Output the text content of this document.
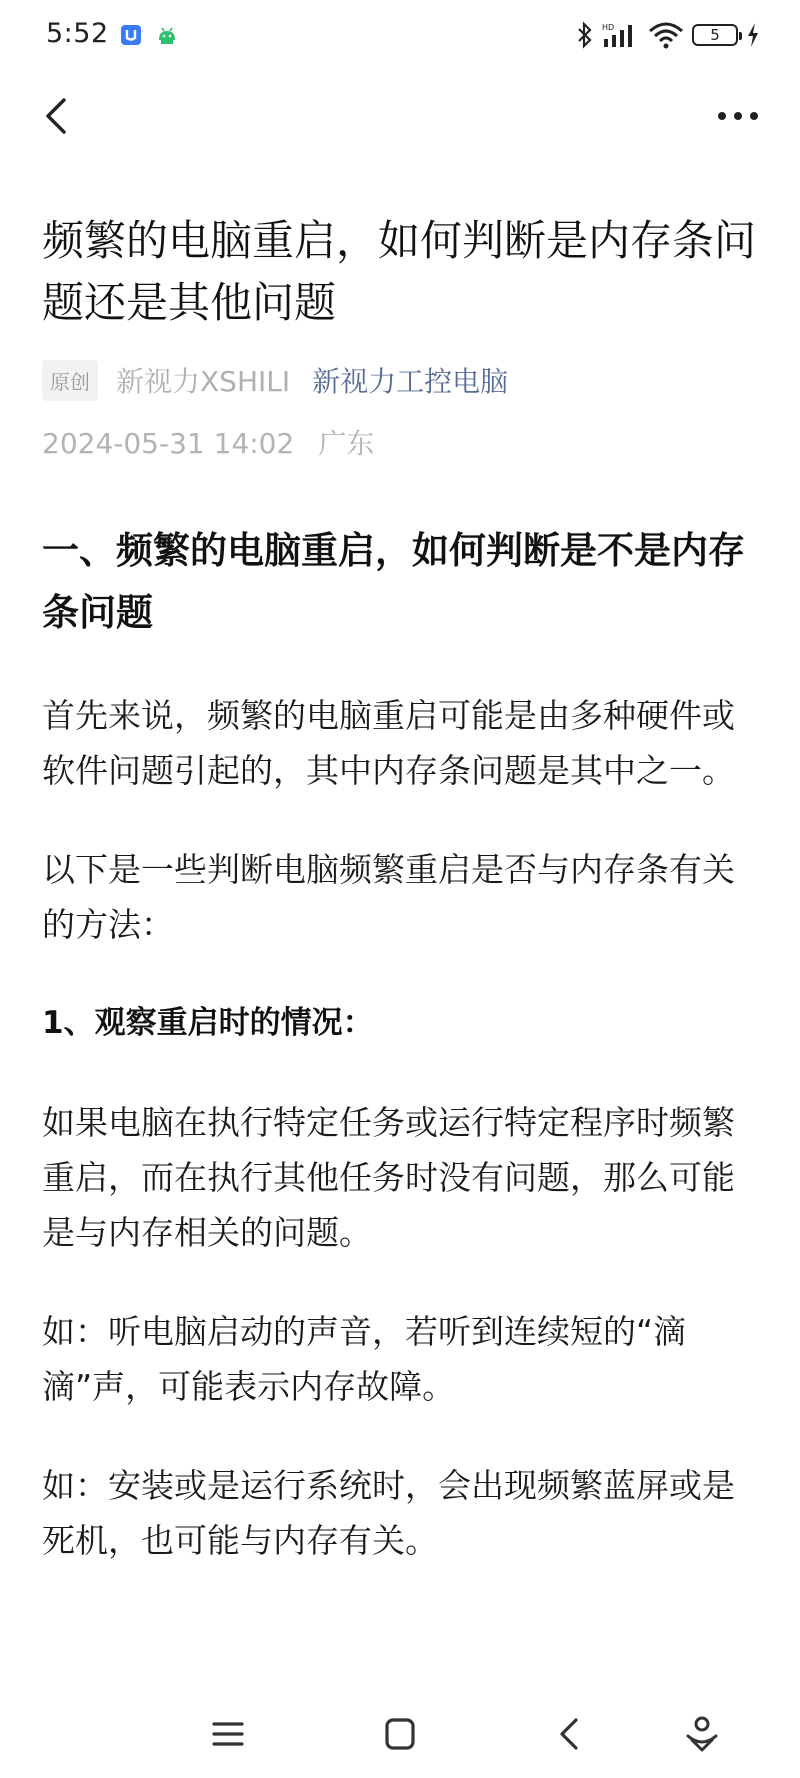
5:52	HD	5
频繁的电脑重启，如何判断是内存条问题还是其他问题
原创 新视力XSHILI 新视力工控电脑
2024-05-31 14:02 广东
一、频繁的电脑重启，如何判断是不是内存条问题

首先来说，频繁的电脑重启可能是由多种硬件或软件问题引起的，其中内存条问题是其中之一。

以下是一些判断电脑频繁重启是否与内存条有关的方法：

1、观察重启时的情况：

如果电脑在执行特定任务或运行特定程序时频繁重启，而在执行其他任务时没有问题，那么可能是与内存相关的问题。

如：听电脑启动的声音，若听到连续短的“滴滴”声，可能表示内存故障。

如：安装或是运行系统时，会出现频繁蓝屏或是死机，也可能与内存有关。
